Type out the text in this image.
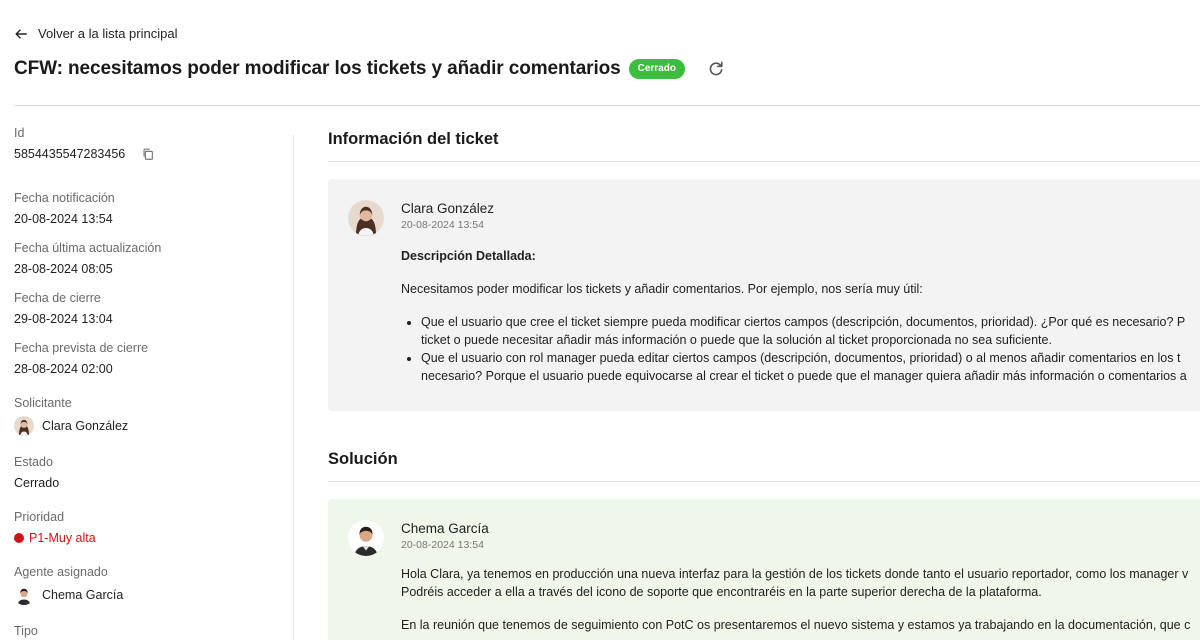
Volver a la lista principal
CFW: necesitamos poder modificar los tickets y añadir comentarios	Cerrado
Id
5854435547283456
Fecha notificación
20-08-2024 13:54
Fecha última actualización
28-08-2024 08:05
Fecha de cierre
29-08-2024 13:04
Fecha prevista de cierre
28-08-2024 02:00
Solicitante
Clara González
Estado
Cerrado
Prioridad
P1-Muy alta
Agente asignado
Chema García
Tipo
Información del ticket
Clara González
20-08-2024 13:54
Descripción Detallada:
Necesitamos poder modificar los tickets y añadir comentarios. Por ejemplo, nos sería muy útil:
• Que el usuario que cree el ticket siempre pueda modificar ciertos campos (descripción, documentos, prioridad). ¿Por qué es necesario? P
ticket o puede necesitar añadir más información o puede que la solución al ticket proporcionada no sea suficiente.
• Que el usuario con rol manager pueda editar ciertos campos (descripción, documentos, prioridad) o al menos añadir comentarios en los t
necesario? Porque el usuario puede equivocarse al crear el ticket o puede que el manager quiera añadir más información o comentarios a
Solución
Chema García
20-08-2024 13:54
Hola Clara, ya tenemos en producción una nueva interfaz para la gestión de los tickets donde tanto el usuario reportador, como los manager v
Podréis acceder a ella a través del icono de soporte que encontraréis en la parte superior derecha de la plataforma.
En la reunión que tenemos de seguimiento con PotC os presentaremos el nuevo sistema y estamos ya trabajando en la documentación, que c
